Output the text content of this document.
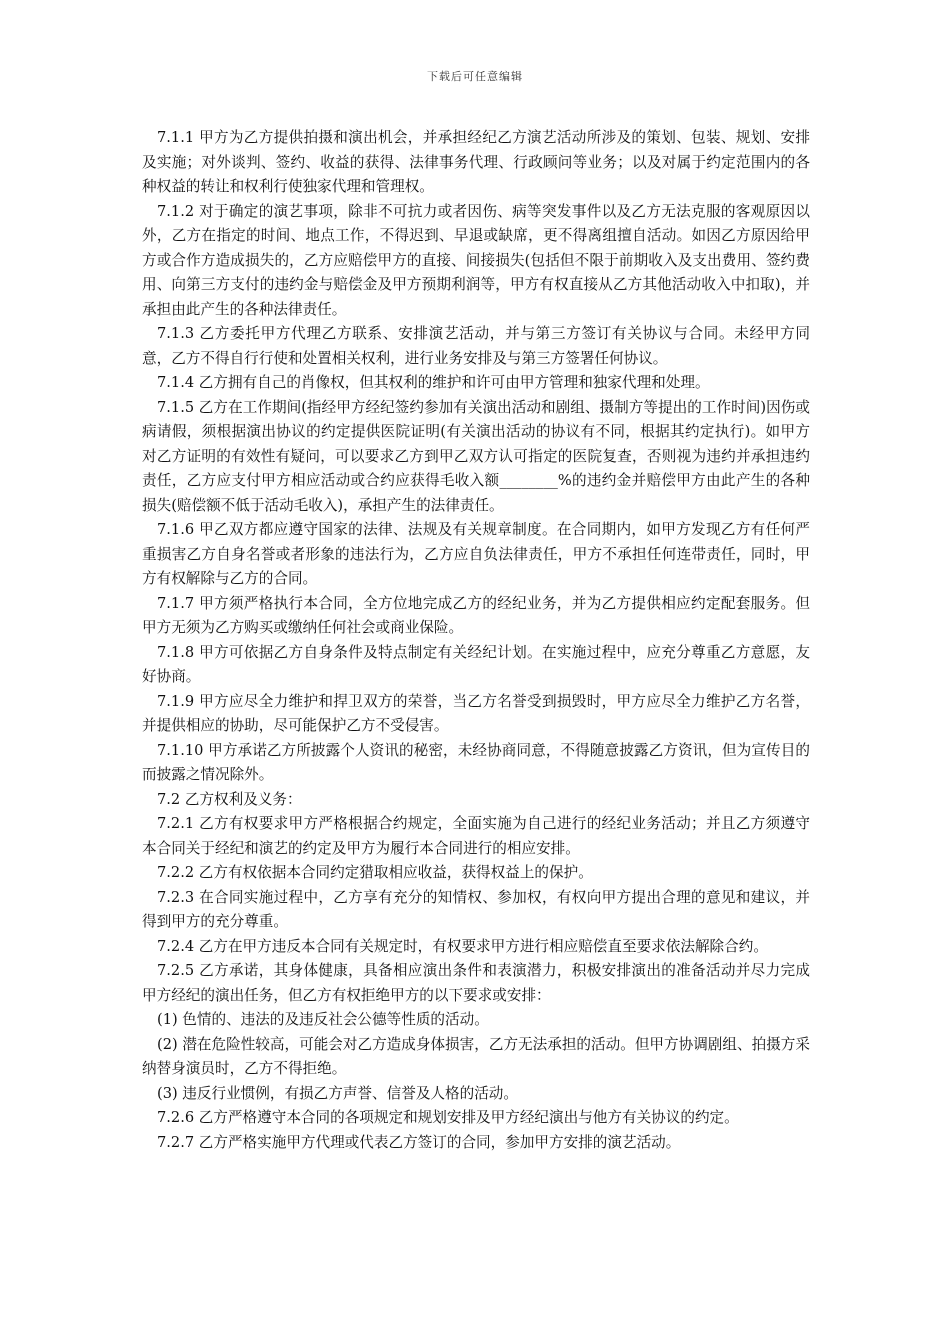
下载后可任意编辑

7.1.1 甲方为乙方提供拍摄和演出机会，并承担经纪乙方演艺活动所涉及的策划、包装、规划、安排及实施；对外谈判、签约、收益的获得、法律事务代理、行政顾问等业务；以及对属于约定范围内的各种权益的转让和权利行使独家代理和管理权。

7.1.2 对于确定的演艺事项，除非不可抗力或者因伤、病等突发事件以及乙方无法克服的客观原因以外，乙方在指定的时间、地点工作，不得迟到、早退或缺席，更不得离组擅自活动。如因乙方原因给甲方或合作方造成损失的，乙方应赔偿甲方的直接、间接损失(包括但不限于前期收入及支出费用、签约费用、向第三方支付的违约金与赔偿金及甲方预期利润等，甲方有权直接从乙方其他活动收入中扣取)，并承担由此产生的各种法律责任。

7.1.3 乙方委托甲方代理乙方联系、安排演艺活动，并与第三方签订有关协议与合同。未经甲方同意，乙方不得自行行使和处置相关权利，进行业务安排及与第三方签署任何协议。

7.1.4 乙方拥有自己的肖像权，但其权利的维护和许可由甲方管理和独家代理和处理。

7.1.5 乙方在工作期间(指经甲方经纪签约参加有关演出活动和剧组、摄制方等提出的工作时间)因伤或病请假，须根据演出协议的约定提供医院证明(有关演出活动的协议有不同，根据其约定执行)。如甲方对乙方证明的有效性有疑问，可以要求乙方到甲乙双方认可指定的医院复查，否则视为违约并承担违约责任，乙方应支付甲方相应活动或合约应获得毛收入额________%的违约金并赔偿甲方由此产生的各种损失(赔偿额不低于活动毛收入)，承担产生的法律责任。

7.1.6 甲乙双方都应遵守国家的法律、法规及有关规章制度。在合同期内，如甲方发现乙方有任何严重损害乙方自身名誉或者形象的违法行为，乙方应自负法律责任，甲方不承担任何连带责任，同时，甲方有权解除与乙方的合同。

7.1.7 甲方须严格执行本合同，全方位地完成乙方的经纪业务，并为乙方提供相应约定配套服务。但甲方无须为乙方购买或缴纳任何社会或商业保险。

7.1.8 甲方可依据乙方自身条件及特点制定有关经纪计划。在实施过程中，应充分尊重乙方意愿，友好协商。

7.1.9 甲方应尽全力维护和捍卫双方的荣誉，当乙方名誉受到损毁时，甲方应尽全力维护乙方名誉，并提供相应的协助，尽可能保护乙方不受侵害。

7.1.10 甲方承诺乙方所披露个人资讯的秘密，未经协商同意，不得随意披露乙方资讯，但为宣传目的而披露之情况除外。

7.2 乙方权利及义务：

7.2.1 乙方有权要求甲方严格根据合约规定，全面实施为自己进行的经纪业务活动；并且乙方须遵守本合同关于经纪和演艺的约定及甲方为履行本合同进行的相应安排。

7.2.2 乙方有权依据本合同约定猎取相应收益，获得权益上的保护。

7.2.3 在合同实施过程中，乙方享有充分的知情权、参加权，有权向甲方提出合理的意见和建议，并得到甲方的充分尊重。

7.2.4 乙方在甲方违反本合同有关规定时，有权要求甲方进行相应赔偿直至要求依法解除合约。

7.2.5 乙方承诺，其身体健康，具备相应演出条件和表演潜力，积极安排演出的准备活动并尽力完成甲方经纪的演出任务，但乙方有权拒绝甲方的以下要求或安排：

(1) 色情的、违法的及违反社会公德等性质的活动。

(2) 潜在危险性较高，可能会对乙方造成身体损害，乙方无法承担的活动。但甲方协调剧组、拍摄方采纳替身演员时，乙方不得拒绝。

(3) 违反行业惯例，有损乙方声誉、信誉及人格的活动。

7.2.6 乙方严格遵守本合同的各项规定和规划安排及甲方经纪演出与他方有关协议的约定。

7.2.7 乙方严格实施甲方代理或代表乙方签订的合同，参加甲方安排的演艺活动。
